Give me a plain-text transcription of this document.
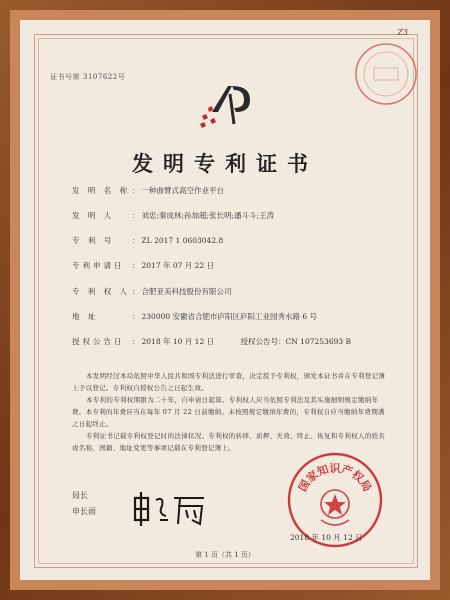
Z3
证书号第 3107622号
发明专利证书
发 明 名 称 ： 一种曲臂式高空作业平台
发 明 人 ： 刘忠;秦成林;孙加超;张长明;潘斗斗;王涛
专 利 号 ： ZL 2017 1 0603042.8
专利申请日 ： 2017 年 07 月 22 日
专 利 权 人 ： 合肥亚美科技股份有限公司
地 址	： 230000 安徽省合肥市庐阳区庐阳工业园秀水路 6 号
授权公告日 ： 2018 年 10 月 12 日	授权公告号：CN 107253693 B

本发明经过本局依照中华人民共和国专利法进行审查，决定授予专利权，颁发本证书并在专利登记簿上予以登记。专利权自授权公告之日起生效。

本专利的专利权期限为二十年，自申请日起算。专利权人应当依照专利法及其实施细则规定缴纳年费。本专利的年费应当在每年 07 月 22 日前缴纳。未按照规定缴纳年费的，专利权自应当缴纳年费期满之日起终止。

专利证书记载专利权登记时的法律状况。专利权的转移、质押、无效、终止、恢复和专利权人的姓名或名称、国籍、地址变更等事项记载在专利登记簿上。

局长
申长雨
国家知识产权局
2018 年 10 月 12 日
第 1 页（共 1 页）
